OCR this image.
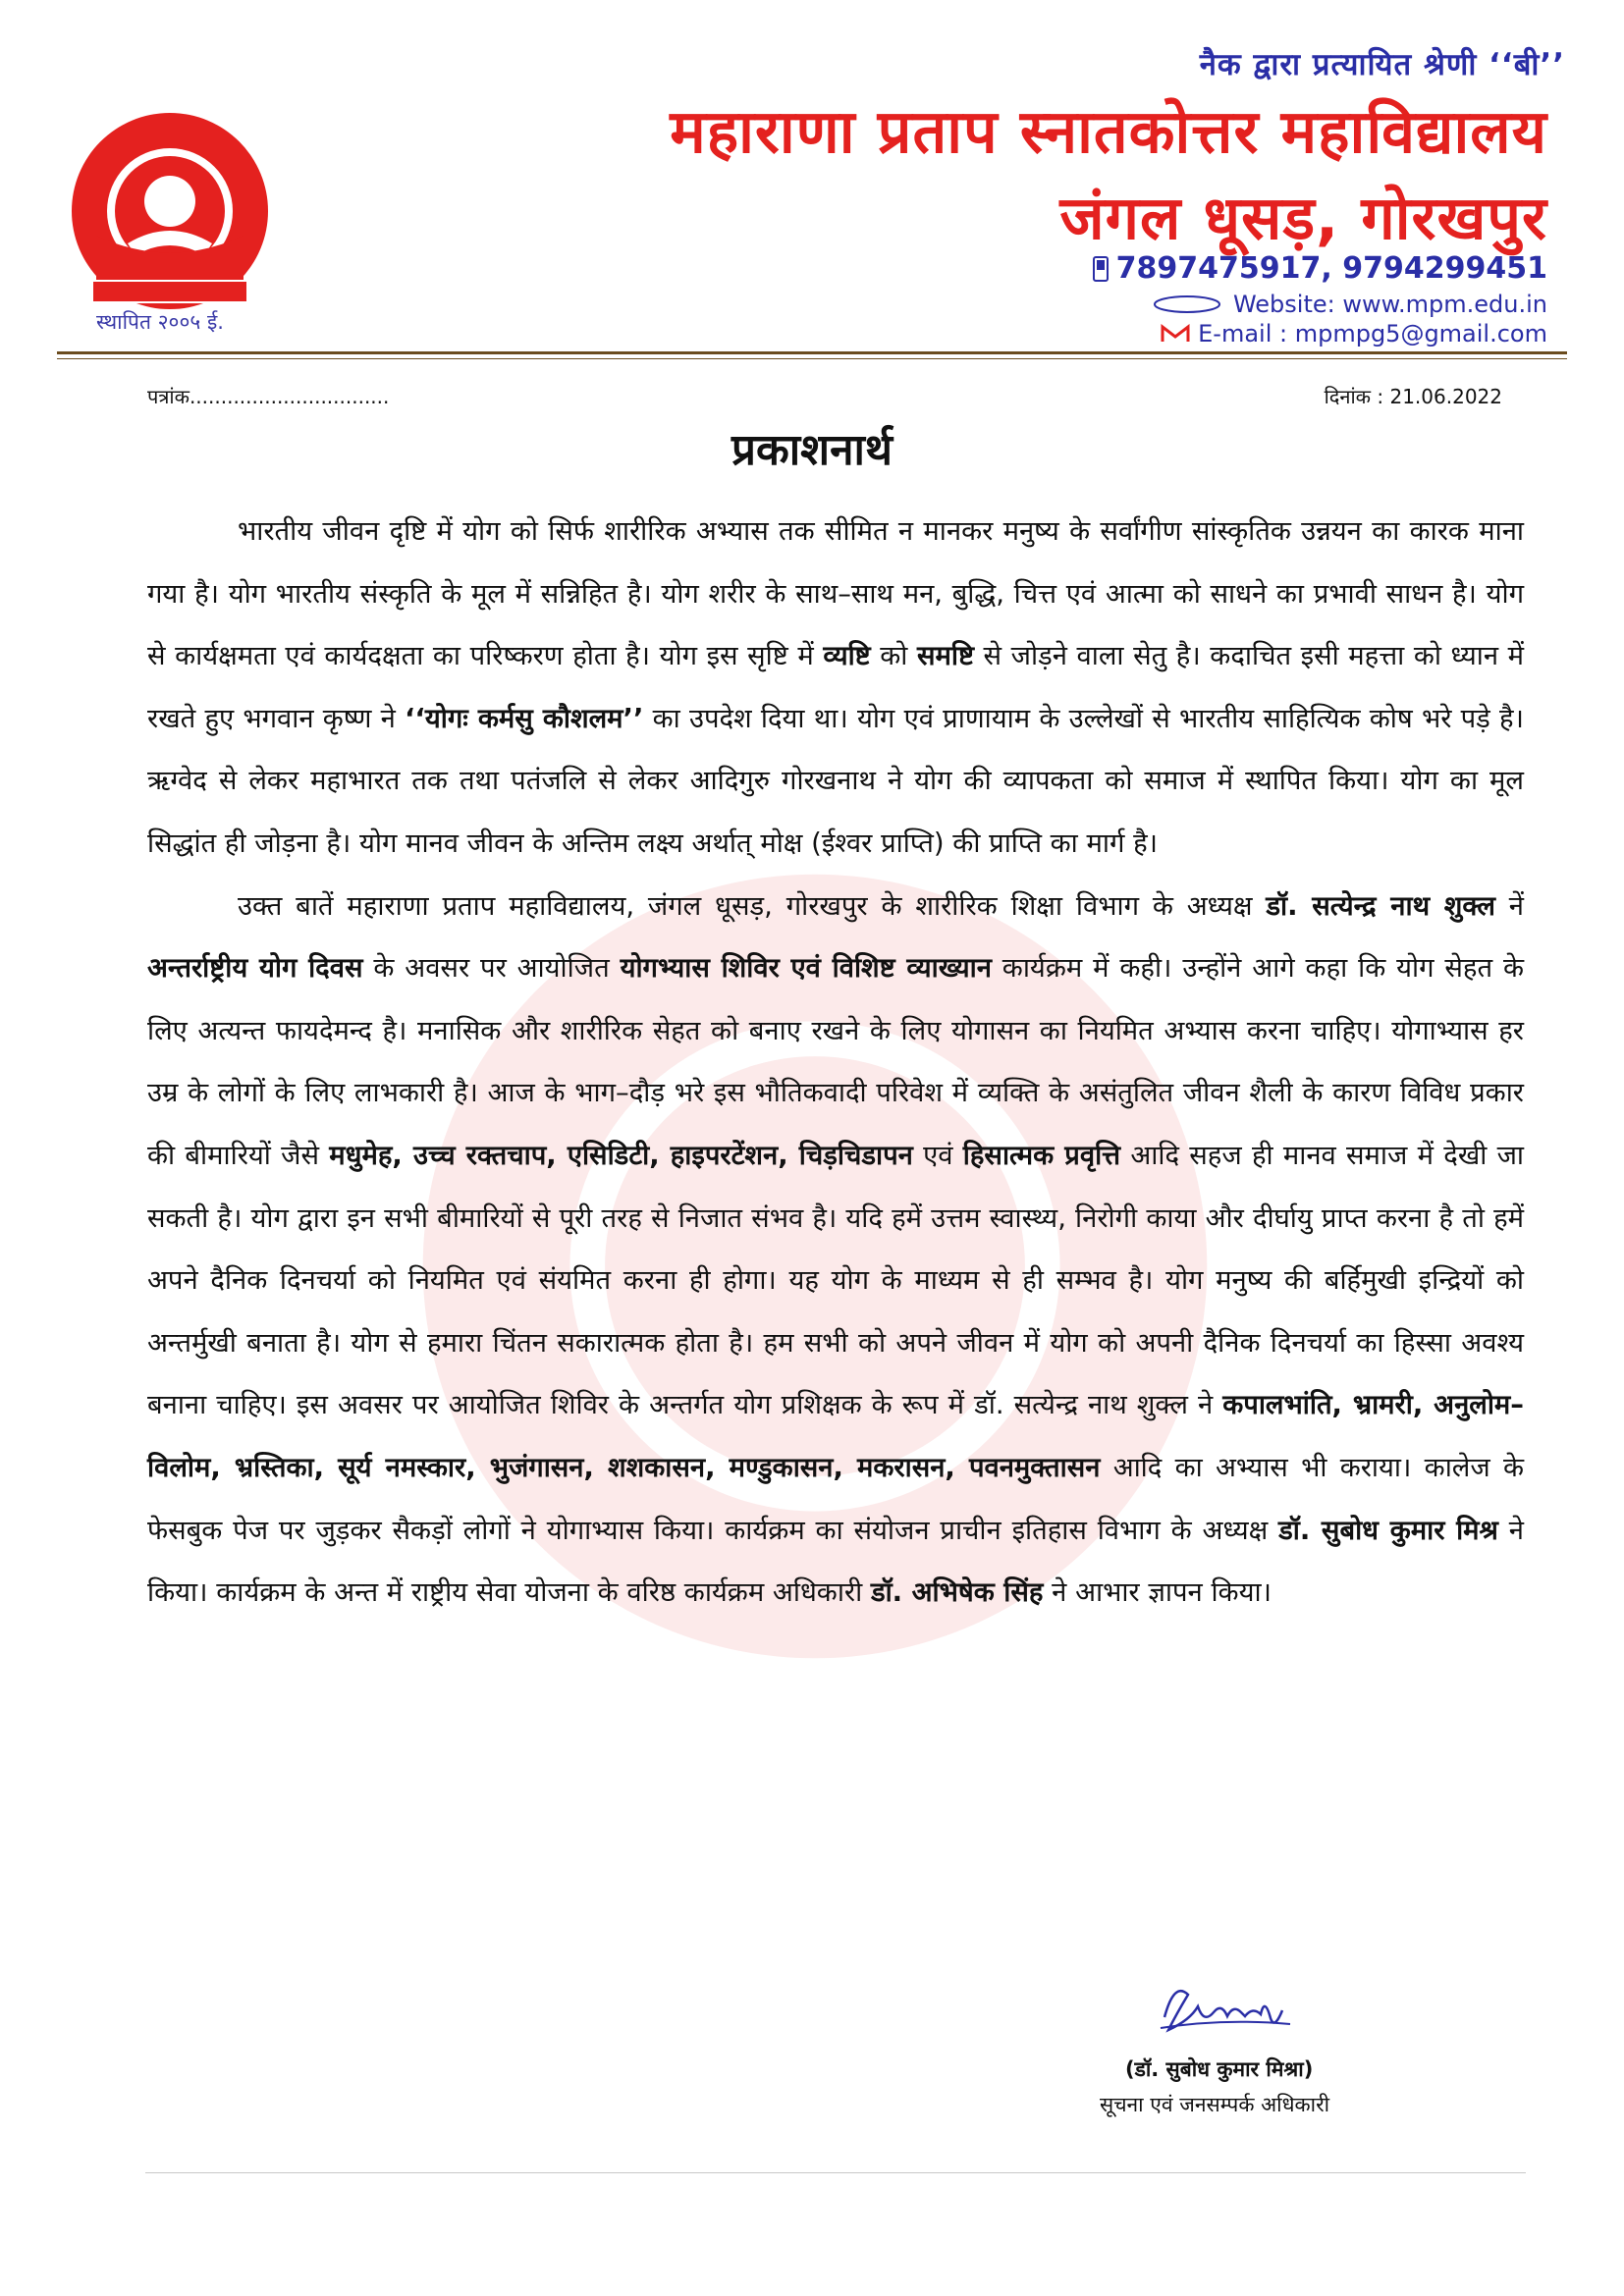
स्थापित २००५ ई.
नैक द्वारा प्रत्यायित श्रेणी ‘‘बी’’
महाराणा प्रताप स्नातकोत्तर महाविद्यालय
जंगल धूसड़, गोरखपुर
7897475917, 9794299451
Website: www.mpm.edu.in
E-mail : mpmpg5@gmail.com
पत्रांक................................	दिनांक : 21.06.2022
प्रकाशनार्थ

भारतीय जीवन दृष्टि में योग को सिर्फ शारीरिक अभ्यास तक सीमित न मानकर मनुष्य के सर्वांगीण सांस्कृतिक उन्नयन का कारक माना गया है। योग भारतीय संस्कृति के मूल में सन्निहित है। योग शरीर के साथ–साथ मन, बुद्धि, चित्त एवं आत्मा को साधने का प्रभावी साधन है। योग से कार्यक्षमता एवं कार्यदक्षता का परिष्करण होता है। योग इस सृष्टि में व्यष्टि को समष्टि से जोड़ने वाला सेतु है। कदाचित इसी महत्ता को ध्यान में रखते हुए भगवान कृष्ण ने ‘‘योगः कर्मसु कौशलम’’ का उपदेश दिया था। योग एवं प्राणायाम के उल्लेखों से भारतीय साहित्यिक कोष भरे पड़े है। ऋग्वेद से लेकर महाभारत तक तथा पतंजलि से लेकर आदिगुरु गोरखनाथ ने योग की व्यापकता को समाज में स्थापित किया। योग का मूल सिद्धांत ही जोड़ना है। योग मानव जीवन के अन्तिम लक्ष्य अर्थात् मोक्ष (ईश्वर प्राप्ति) की प्राप्ति का मार्ग है।

उक्त बातें महाराणा प्रताप महाविद्यालय, जंगल धूसड़, गोरखपुर के शारीरिक शिक्षा विभाग के अध्यक्ष डॉ. सत्येन्द्र नाथ शुक्ल नें अन्तर्राष्ट्रीय योग दिवस के अवसर पर आयोजित योगभ्यास शिविर एवं विशिष्ट व्याख्यान कार्यक्रम में कही। उन्होंने आगे कहा कि योग सेहत के लिए अत्यन्त फायदेमन्द है। मनासिक और शारीरिक सेहत को बनाए रखने के लिए योगासन का नियमित अभ्यास करना चाहिए। योगाभ्यास हर उम्र के लोगों के लिए लाभकारी है। आज के भाग–दौड़ भरे इस भौतिकवादी परिवेश में व्यक्ति के असंतुलित जीवन शैली के कारण विविध प्रकार की बीमारियों जैसे मधुमेह, उच्च रक्तचाप, एसिडिटी, हाइपरटेंशन, चिड़चिडापन एवं हिसात्मक प्रवृत्ति आदि सहज ही मानव समाज में देखी जा सकती है। योग द्वारा इन सभी बीमारियों से पूरी तरह से निजात संभव है। यदि हमें उत्तम स्वास्थ्य, निरोगी काया और दीर्घायु प्राप्त करना है तो हमें अपने दैनिक दिनचर्या को नियमित एवं संयमित करना ही होगा। यह योग के माध्यम से ही सम्भव है। योग मनुष्य की बर्हिमुखी इन्द्रियों को अन्तर्मुखी बनाता है। योग से हमारा चिंतन सकारात्मक होता है। हम सभी को अपने जीवन में योग को अपनी दैनिक दिनचर्या का हिस्सा अवश्य बनाना चाहिए। इस अवसर पर आयोजित शिविर के अन्तर्गत योग प्रशिक्षक के रूप में डॉ. सत्येन्द्र नाथ शुक्ल ने कपालभांति, भ्रामरी, अनुलोम–विलोम, भ्रस्तिका, सूर्य नमस्कार, भुजंगासन, शशकासन, मण्डुकासन, मकरासन, पवनमुक्तासन आदि का अभ्यास भी कराया। कालेज के फेसबुक पेज पर जुड़कर सैकड़ों लोगों ने योगाभ्यास किया। कार्यक्रम का संयोजन प्राचीन इतिहास विभाग के अध्यक्ष डॉ. सुबोध कुमार मिश्र ने किया। कार्यक्रम के अन्त में राष्ट्रीय सेवा योजना के वरिष्ठ कार्यक्रम अधिकारी डॉ. अभिषेक सिंह ने आभार ज्ञापन किया।

(डॉ. सुबोध कुमार मिश्रा)
सूचना एवं जनसम्पर्क अधिकारी
